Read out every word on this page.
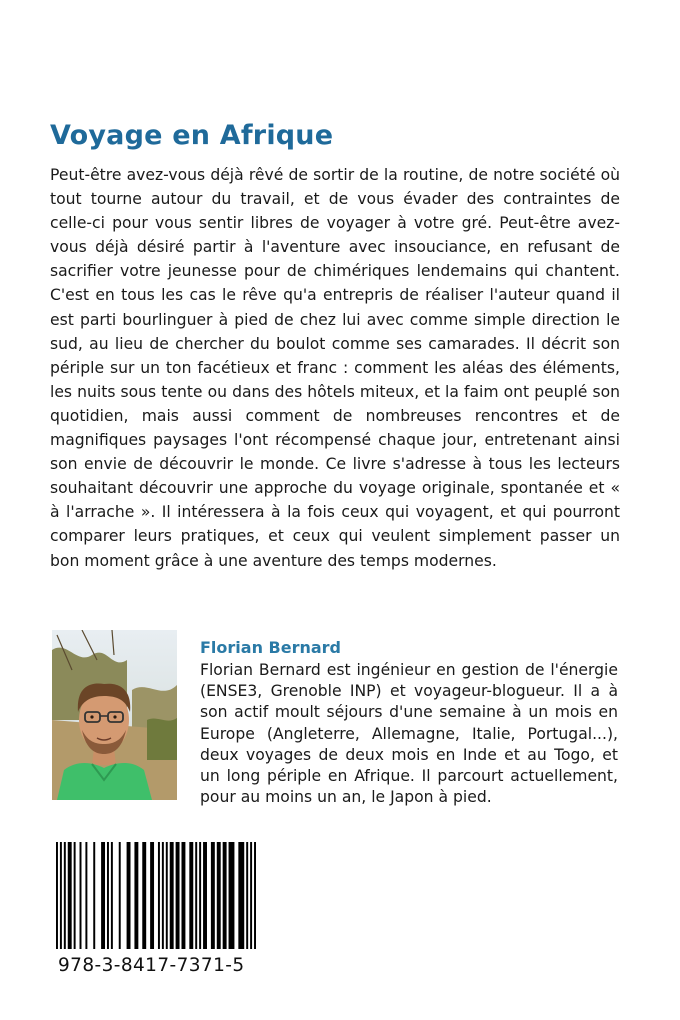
Voyage en Afrique
Peut-être avez-vous déjà rêvé de sortir de la routine, de notre société où tout tourne autour du travail, et de vous évader des contraintes de celle-ci pour vous sentir libres de voyager à votre gré. Peut-être avez-vous déjà désiré partir à l'aventure avec insouciance, en refusant de sacrifier votre jeunesse pour de chimériques lendemains qui chantent. C'est en tous les cas le rêve qu'a entrepris de réaliser l'auteur quand il est parti bourlinguer à pied de chez lui avec comme simple direction le sud, au lieu de chercher du boulot comme ses camarades. Il décrit son périple sur un ton facétieux et franc : comment les aléas des éléments, les nuits sous tente ou dans des hôtels miteux, et la faim ont peuplé son quotidien, mais aussi comment de nombreuses rencontres et de magnifiques paysages l'ont récompensé chaque jour, entretenant ainsi son envie de découvrir le monde. Ce livre s'adresse à tous les lecteurs souhaitant découvrir une approche du voyage originale, spontanée et « à l'arrache ». Il intéressera à la fois ceux qui voyagent, et qui pourront comparer leurs pratiques, et ceux qui veulent simplement passer un bon moment grâce à une aventure des temps modernes.
Florian Bernard
Florian Bernard est ingénieur en gestion de l'énergie (ENSE3, Grenoble INP) et voyageur-blogueur. Il a à son actif moult séjours d'une semaine à un mois en Europe (Angleterre, Allemagne, Italie, Portugal...), deux voyages de deux mois en Inde et au Togo, et un long périple en Afrique. Il parcourt actuellement, pour au moins un an, le Japon à pied.
978-3-8417-7371-5
